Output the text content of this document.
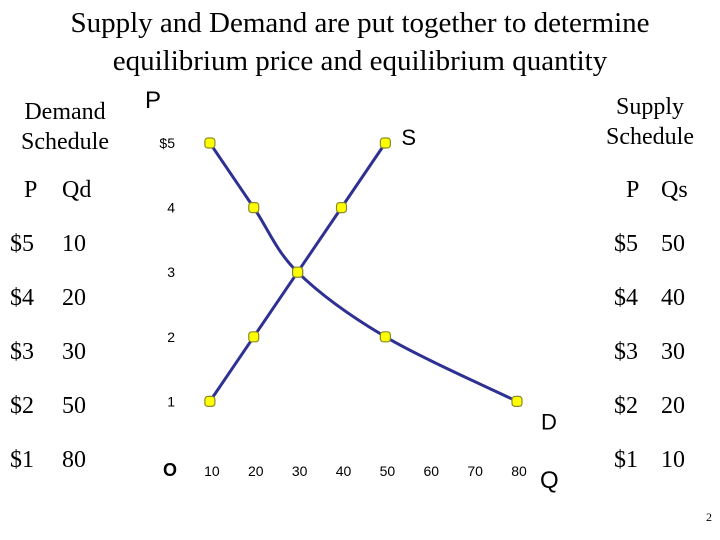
Supply and Demand are put together to determine
equilibrium price and equilibrium quantity
Demand
Schedule
Supply
Schedule
P Qd
$5 10
$4 20
$3 30
$2 50
$1 80
P Qs
$5 50
$4 40
$3 30
$2 20
$1 10
P
O	Q
$5
4
3
2
1
10 20 30 40 50 60 70 80
S
D
2
